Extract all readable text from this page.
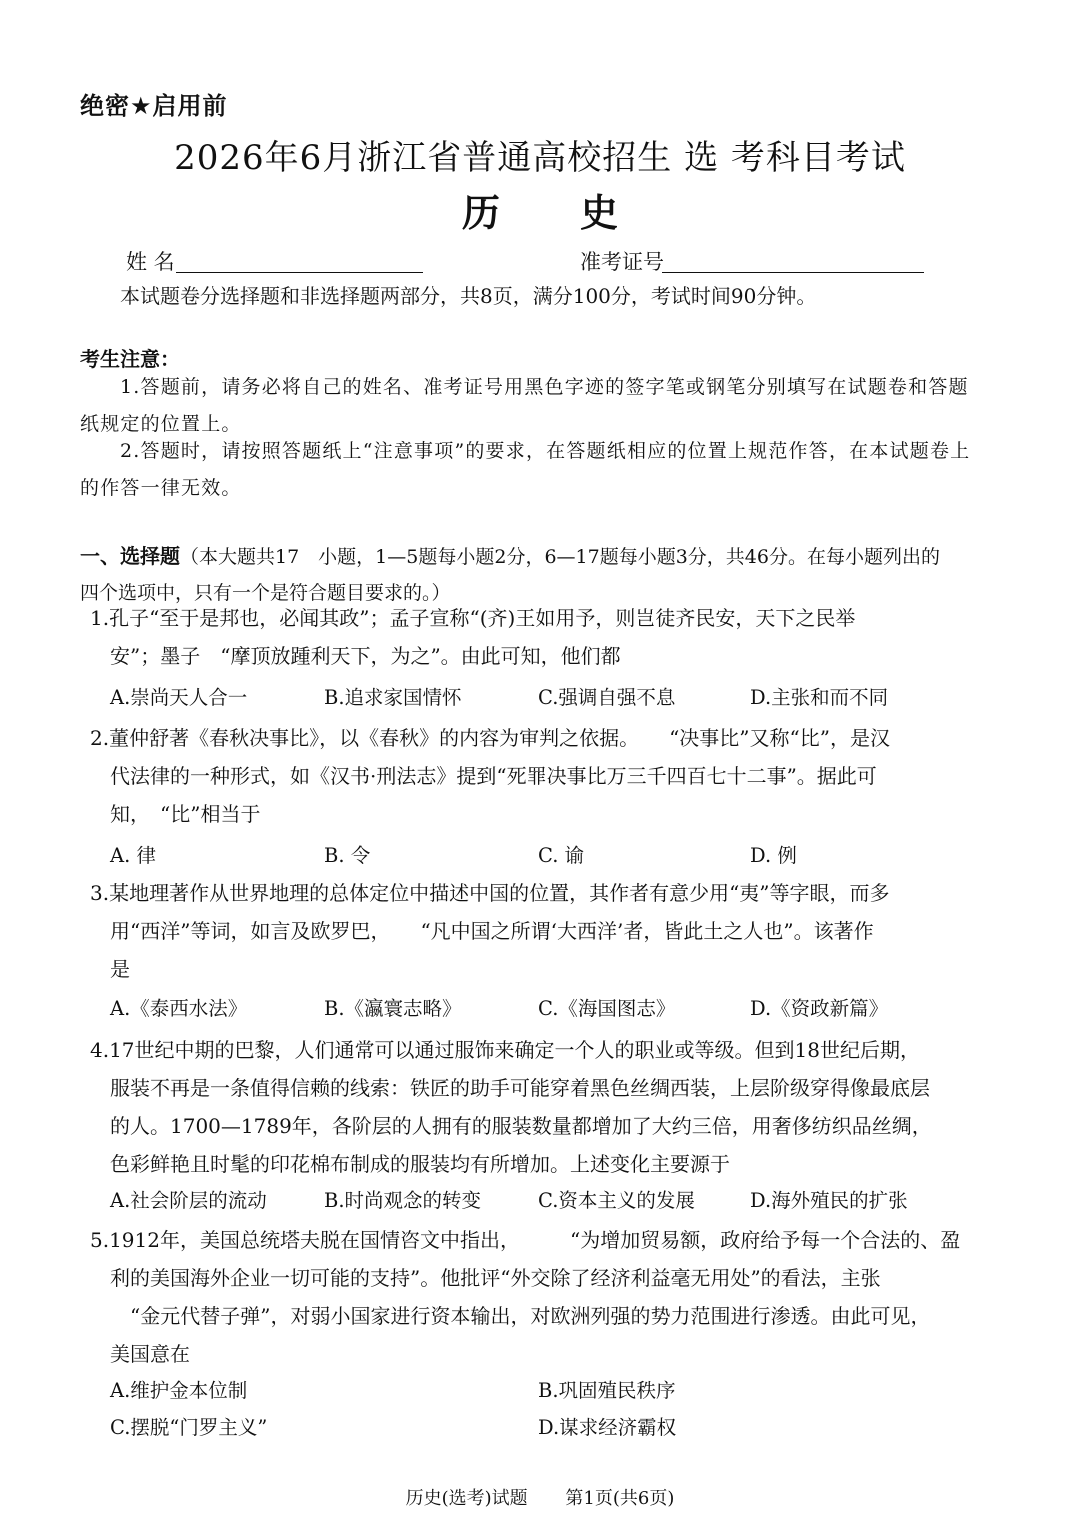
绝密★启用前
2026年6月浙江省普通高校招生 选 考科目考试
历史
姓 名	准考证号
本试题卷分选择题和非选择题两部分，共8页，满分100分，考试时间90分钟。
考生注意：
1.答题前，请务必将自己的姓名、准考证号用黑色字迹的签字笔或钢笔分别填写在试题卷和答题纸规定的位置上。
2.答题时，请按照答题纸上“注意事项”的要求，在答题纸相应的位置上规范作答，在本试题卷上的作答一律无效。
一、选择题（本大题共17　小题，1—5题每小题2分，6—17题每小题3分，共46分。在每小题列出的四个选项中，只有一个是符合题目要求的。）
1.孔子“至于是邦也，必闻其政”；孟子宣称“(齐)王如用予，则岂徒齐民安，天下之民举
安”；墨子　“摩顶放踵利天下，为之”。由此可知，他们都
A.崇尚天人合一	B.追求家国情怀	C.强调自强不息	D.主张和而不同
2.董仲舒著《春秋决事比》，以《春秋》的内容为审判之依据。　　“决事比”又称“比”，是汉
代法律的一种形式，如《汉书·刑法志》提到“死罪决事比万三千四百七十二事”。据此可
知，　“比”相当于
A. 律	B. 令	C. 谕	D. 例
3.某地理著作从世界地理的总体定位中描述中国的位置，其作者有意少用“夷”等字眼，而多
用“西洋”等词，如言及欧罗巴，　　“凡中国之所谓‘大西洋’者，皆此土之人也”。该著作
是
A.《泰西水法》	B.《瀛寰志略》	C.《海国图志》	D.《资政新篇》
4.17世纪中期的巴黎，人们通常可以通过服饰来确定一个人的职业或等级。但到18世纪后期，
服装不再是一条值得信赖的线索：铁匠的助手可能穿着黑色丝绸西装，上层阶级穿得像最底层
的人。1700—1789年，各阶层的人拥有的服装数量都增加了大约三倍，用奢侈纺织品丝绸，
色彩鲜艳且时髦的印花棉布制成的服装均有所增加。上述变化主要源于
A.社会阶层的流动	B.时尚观念的转变	C.资本主义的发展	D.海外殖民的扩张
5.1912年，美国总统塔夫脱在国情咨文中指出，　　　“为增加贸易额，政府给予每一个合法的、盈
利的美国海外企业一切可能的支持”。他批评“外交除了经济利益毫无用处”的看法，主张
　“金元代替子弹”，对弱小国家进行资本输出，对欧洲列强的势力范围进行渗透。由此可见，
美国意在
A.维护金本位制	B.巩固殖民秩序
C.摆脱“门罗主义”	D.谋求经济霸权
历史(选考)试题 第1页(共6页)
